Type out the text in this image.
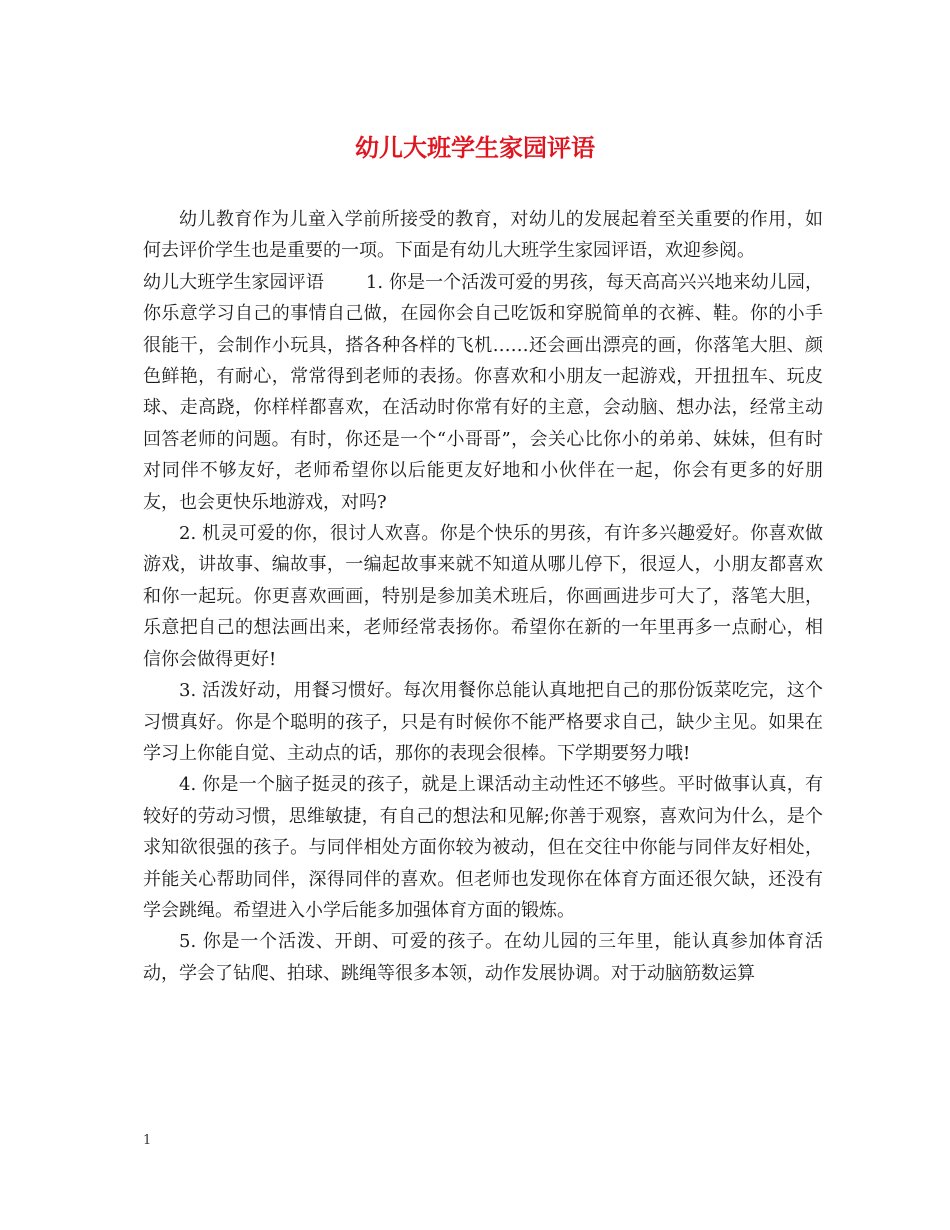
幼儿大班学生家园评语

幼儿教育作为儿童入学前所接受的教育，对幼儿的发展起着至关重要的作用，如何去评价学生也是重要的一项。下面是有幼儿大班学生家园评语，欢迎参阅。

幼儿大班学生家园评语　　 1. 你是一个活泼可爱的男孩，每天高高兴兴地来幼儿园，你乐意学习自己的事情自己做，在园你会自己吃饭和穿脱简单的衣裤、鞋。你的小手很能干，会制作小玩具，搭各种各样的飞机……还会画出漂亮的画，你落笔大胆、颜色鲜艳，有耐心，常常得到老师的表扬。你喜欢和小朋友一起游戏，开扭扭车、玩皮球、走高跷，你样样都喜欢，在活动时你常有好的主意，会动脑、想办法，经常主动回答老师的问题。有时，你还是一个“小哥哥”，会关心比你小的弟弟、妹妹，但有时对同伴不够友好，老师希望你以后能更友好地和小伙伴在一起，你会有更多的好朋友，也会更快乐地游戏，对吗?

2. 机灵可爱的你，很讨人欢喜。你是个快乐的男孩，有许多兴趣爱好。你喜欢做游戏，讲故事、编故事，一编起故事来就不知道从哪儿停下，很逗人，小朋友都喜欢和你一起玩。你更喜欢画画，特别是参加美术班后，你画画进步可大了，落笔大胆，乐意把自己的想法画出来，老师经常表扬你。希望你在新的一年里再多一点耐心，相信你会做得更好!

3. 活泼好动，用餐习惯好。每次用餐你总能认真地把自己的那份饭菜吃完，这个习惯真好。你是个聪明的孩子，只是有时候你不能严格要求自己，缺少主见。如果在学习上你能自觉、主动点的话，那你的表现会很棒。下学期要努力哦!

4. 你是一个脑子挺灵的孩子，就是上课活动主动性还不够些。平时做事认真，有较好的劳动习惯，思维敏捷，有自己的想法和见解;你善于观察，喜欢问为什么，是个求知欲很强的孩子。与同伴相处方面你较为被动，但在交往中你能与同伴友好相处，并能关心帮助同伴，深得同伴的喜欢。但老师也发现你在体育方面还很欠缺，还没有学会跳绳。希望进入小学后能多加强体育方面的锻炼。

5. 你是一个活泼、开朗、可爱的孩子。在幼儿园的三年里，能认真参加体育活动，学会了钻爬、拍球、跳绳等很多本领，动作发展协调。对于动脑筋数运算

1
